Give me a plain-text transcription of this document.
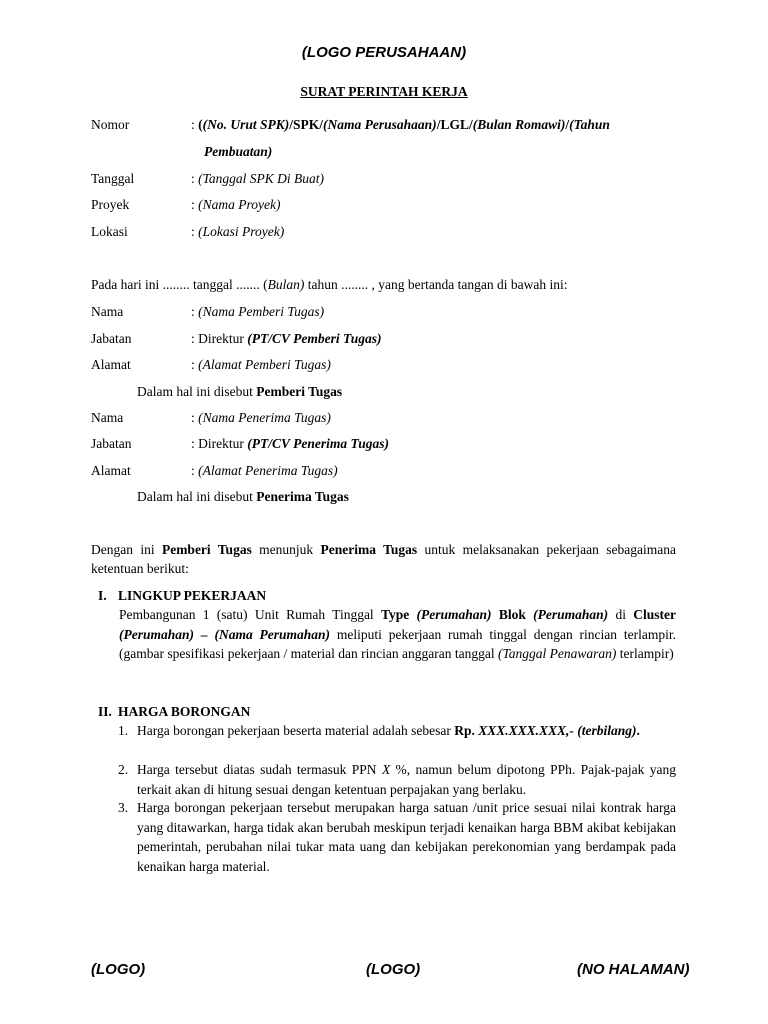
(LOGO PERUSAHAAN)
SURAT PERINTAH KERJA
Nomor	: ((No. Urut SPK)/SPK/(Nama Perusahaan)/LGL/(Bulan Romawi)/(Tahun
Pembuatan)
Tanggal	: (Tanggal SPK Di Buat)
Proyek	: (Nama Proyek)
Lokasi	: (Lokasi Proyek)
Pada hari ini ........ tanggal ....... (Bulan) tahun ........ , yang bertanda tangan di bawah ini:
Nama	: (Nama Pemberi Tugas)
Jabatan	: Direktur (PT/CV Pemberi Tugas)
Alamat	: (Alamat Pemberi Tugas)
Dalam hal ini disebut Pemberi Tugas
Nama	: (Nama Penerima Tugas)
Jabatan	: Direktur (PT/CV Penerima Tugas)
Alamat	: (Alamat Penerima Tugas)
Dalam hal ini disebut Penerima Tugas
Dengan ini Pemberi Tugas menunjuk Penerima Tugas untuk melaksanakan pekerjaan sebagaimana ketentuan berikut:
I. LINGKUP PEKERJAAN
Pembangunan 1 (satu) Unit Rumah Tinggal Type (Perumahan) Blok (Perumahan) di Cluster (Perumahan) – (Nama Perumahan) meliputi pekerjaan rumah tinggal dengan rincian terlampir. (gambar spesifikasi pekerjaan / material dan rincian anggaran tanggal (Tanggal Penawaran) terlampir)
II. HARGA BORONGAN
1. Harga borongan pekerjaan beserta material adalah sebesar Rp. XXX.XXX.XXX,- (terbilang).
2. Harga tersebut diatas sudah termasuk PPN X %, namun belum dipotong PPh. Pajak-pajak yang terkait akan di hitung sesuai dengan ketentuan perpajakan yang berlaku.
3. Harga borongan pekerjaan tersebut merupakan harga satuan /unit price sesuai nilai kontrak harga yang ditawarkan, harga tidak akan berubah meskipun terjadi kenaikan harga BBM akibat kebijakan pemerintah, perubahan nilai tukar mata uang dan kebijakan perekonomian yang berdampak pada kenaikan harga material.
(LOGO)	(LOGO)	(NO HALAMAN)
